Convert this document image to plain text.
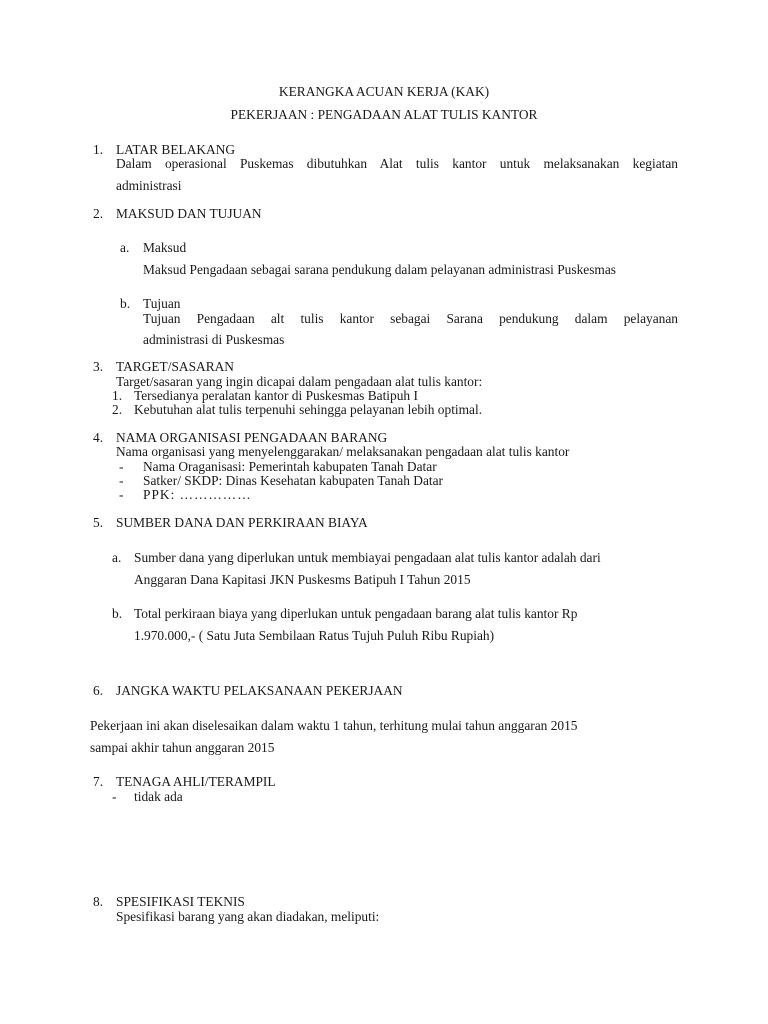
KERANGKA ACUAN KERJA (KAK)
PEKERJAAN : PENGADAAN ALAT TULIS KANTOR
1. LATAR BELAKANG
Dalam operasional Puskemas dibutuhkan Alat tulis kantor untuk melaksanakan kegiatan
administrasi
2. MAKSUD DAN TUJUAN
a. Maksud
Maksud Pengadaan sebagai sarana pendukung dalam pelayanan administrasi Puskesmas
b. Tujuan
Tujuan Pengadaan alt tulis kantor sebagai Sarana pendukung dalam pelayanan
administrasi di Puskesmas
3. TARGET/SASARAN
Target/sasaran yang ingin dicapai dalam pengadaan alat tulis kantor:
1. Tersedianya peralatan kantor di Puskesmas Batipuh I
2. Kebutuhan alat tulis terpenuhi sehingga pelayanan lebih optimal.
4. NAMA ORGANISASI PENGADAAN BARANG
Nama organisasi yang menyelenggarakan/ melaksanakan pengadaan alat tulis kantor
- Nama Oraganisasi: Pemerintah kabupaten Tanah Datar
- Satker/ SKDP: Dinas Kesehatan kabupaten Tanah Datar
- PPK: ……………
5. SUMBER DANA DAN PERKIRAAN BIAYA
a. Sumber dana yang diperlukan untuk membiayai pengadaan alat tulis kantor adalah dari
Anggaran Dana Kapitasi JKN Puskesms Batipuh I Tahun 2015
b. Total perkiraan biaya yang diperlukan untuk pengadaan barang alat tulis kantor Rp
1.970.000,- ( Satu Juta Sembilaan Ratus Tujuh Puluh Ribu Rupiah)
6. JANGKA WAKTU PELAKSANAAN PEKERJAAN
Pekerjaan ini akan diselesaikan dalam waktu 1 tahun, terhitung mulai tahun anggaran 2015
sampai akhir tahun anggaran 2015
7. TENAGA AHLI/TERAMPIL
- tidak ada
8. SPESIFIKASI TEKNIS
Spesifikasi barang yang akan diadakan, meliputi:
